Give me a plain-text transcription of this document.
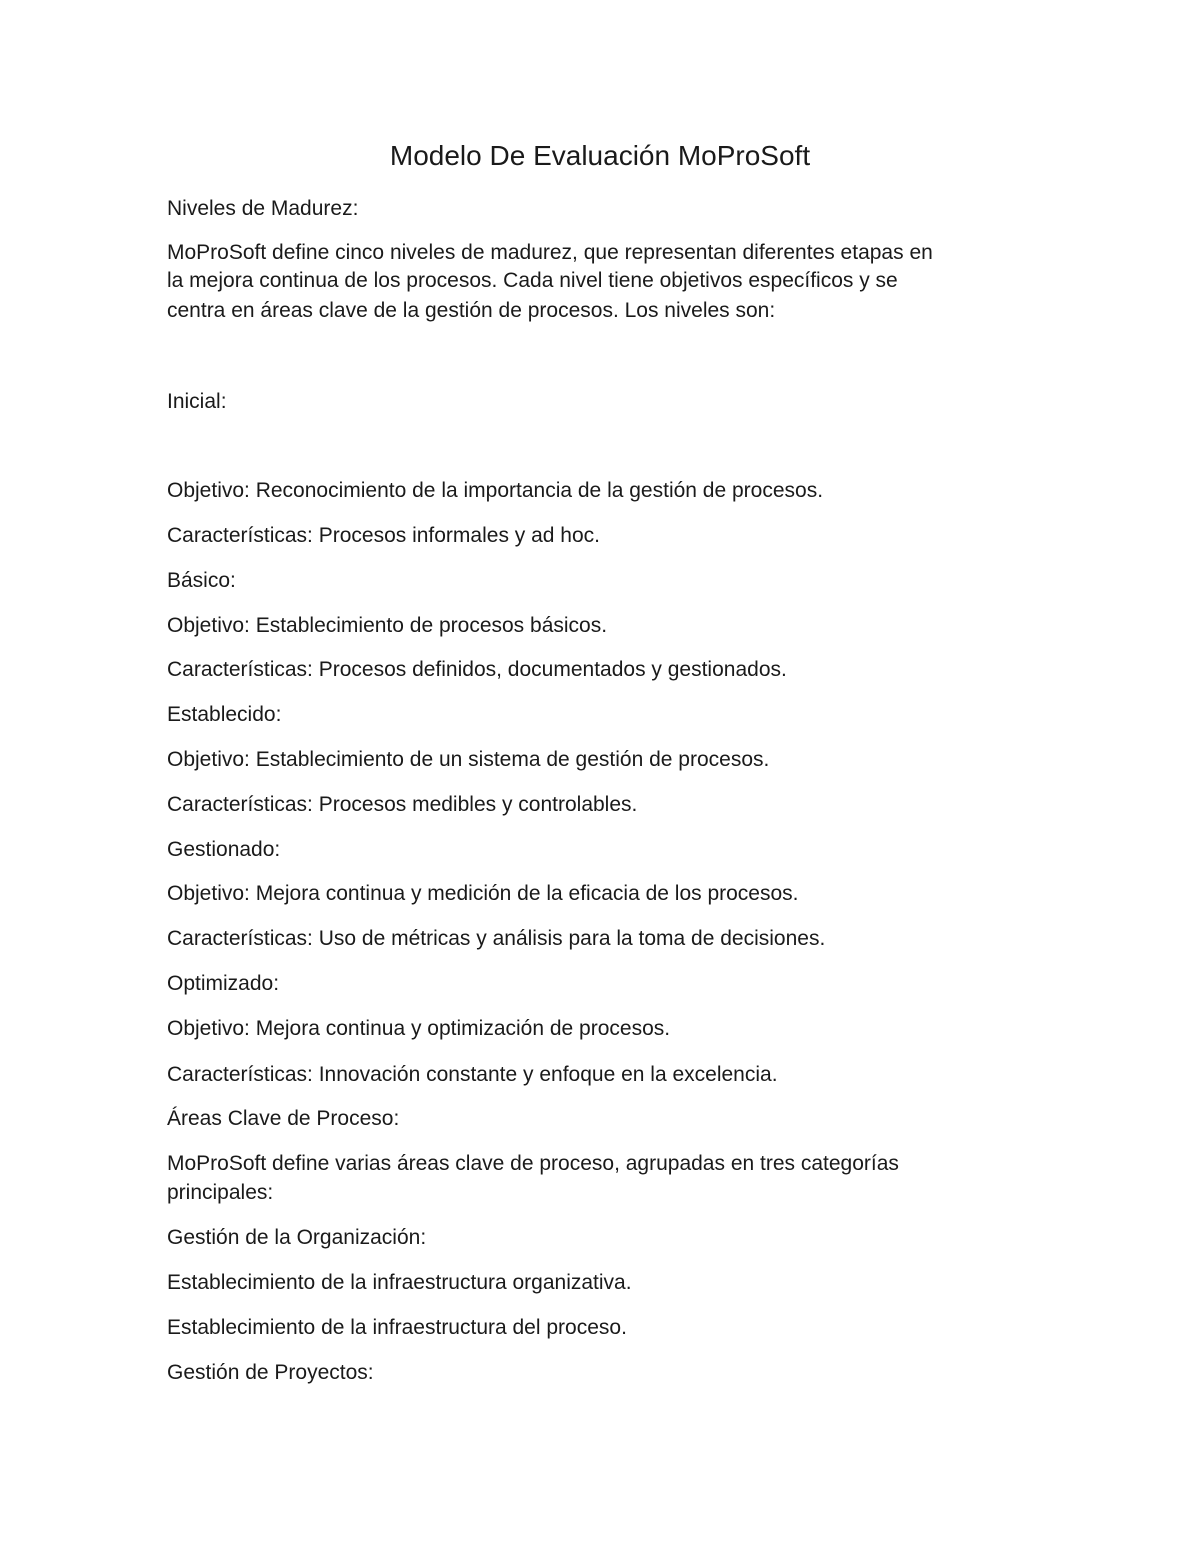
Modelo De Evaluación MoProSoft

Niveles de Madurez:

MoProSoft define cinco niveles de madurez, que representan diferentes etapas en

la mejora continua de los procesos. Cada nivel tiene objetivos específicos y se

centra en áreas clave de la gestión de procesos. Los niveles son:

Inicial:

Objetivo: Reconocimiento de la importancia de la gestión de procesos.

Características: Procesos informales y ad hoc.

Básico:

Objetivo: Establecimiento de procesos básicos.

Características: Procesos definidos, documentados y gestionados.

Establecido:

Objetivo: Establecimiento de un sistema de gestión de procesos.

Características: Procesos medibles y controlables.

Gestionado:

Objetivo: Mejora continua y medición de la eficacia de los procesos.

Características: Uso de métricas y análisis para la toma de decisiones.

Optimizado:

Objetivo: Mejora continua y optimización de procesos.

Características: Innovación constante y enfoque en la excelencia.

Áreas Clave de Proceso:

MoProSoft define varias áreas clave de proceso, agrupadas en tres categorías

principales:

Gestión de la Organización:

Establecimiento de la infraestructura organizativa.

Establecimiento de la infraestructura del proceso.

Gestión de Proyectos:
